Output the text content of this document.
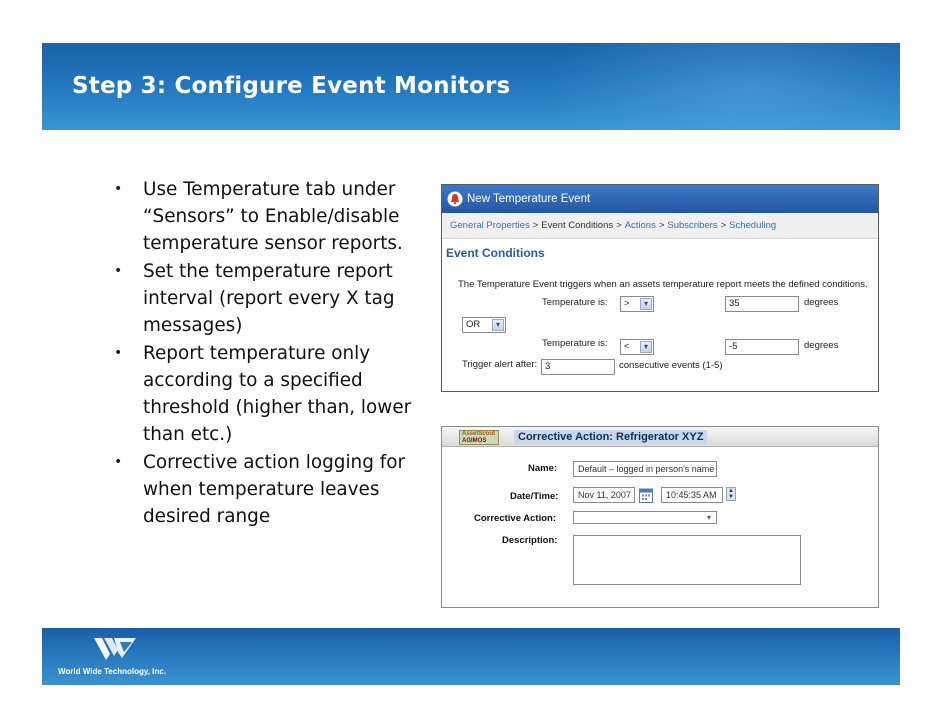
Step 3: Configure Event Monitors
• Use Temperature tab under
“Sensors” to Enable/disable
temperature sensor reports.
• Set the temperature report
interval (report every X tag
messages)
• Report temperature only
according to a specified
threshold (higher than, lower
than etc.)
• Corrective action logging for
when temperature leaves
desired range
New Temperature Event
General Properties > Event Conditions > Actions > Subscribers > Scheduling
Event Conditions
The Temperature Event triggers when an assets temperature report meets the defined conditions.
Temperature is:	>	▾	35	degrees
OR	▾
Temperature is:	<	▾	-5	degrees
Trigger alert after: 3	consecutive events (1-5)
AssetScout
AGIMOS	Corrective Action: Refrigerator XYZ
Name:	Default – logged in person's name
Date/Time:	Nov 11, 2007	10:45:35 AM	▲
▼
Corrective Action:	▾
Description:
World Wide Technology, Inc.
